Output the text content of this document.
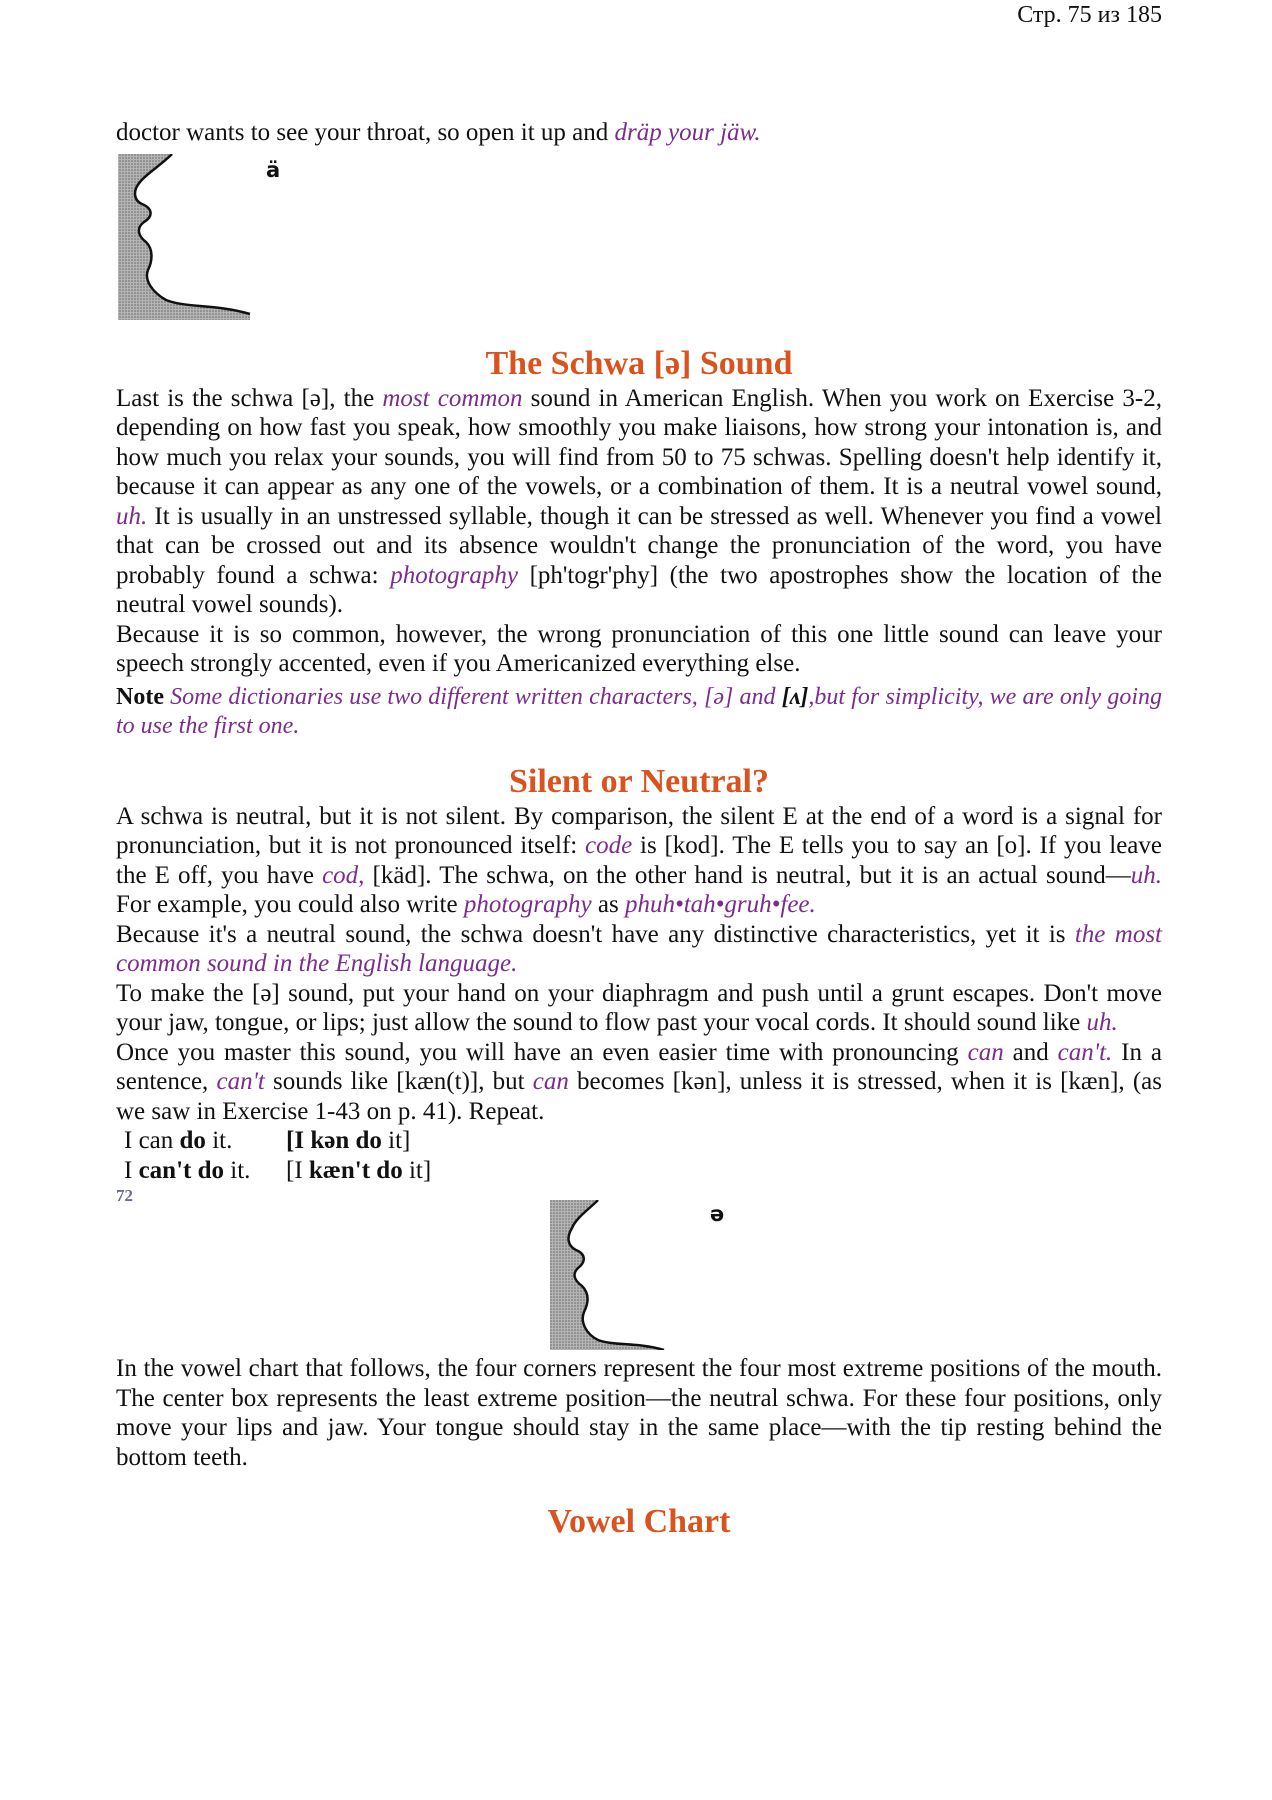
Стр. 75 из 185

doctor wants to see your throat, so open it up and dräp your jäw.

ä
The Schwa [ə] Sound

Last is the schwa [ə], the most common sound in American English. When you work on Exercise 3-2, depending on how fast you speak, how smoothly you make liaisons, how strong your intonation is, and how much you relax your sounds, you will find from 50 to 75 schwas. Spelling doesn't help identify it, because it can appear as any one of the vowels, or a combination of them. It is a neutral vowel sound, uh. It is usually in an unstressed syllable, though it can be stressed as well. Whenever you find a vowel that can be crossed out and its absence wouldn't change the pronunciation of the word, you have probably found a schwa: photography [ph'togr'phy] (the two apostrophes show the location of the neutral vowel sounds).

Because it is so common, however, the wrong pronunciation of this one little sound can leave your speech strongly accented, even if you Americanized everything else.

Note Some dictionaries use two different written characters, [ə] and [ʌ],but for simplicity, we are only going to use the first one.

Silent or Neutral?

A schwa is neutral, but it is not silent. By comparison, the silent E at the end of a word is a signal for pronunciation, but it is not pronounced itself: code is [kod]. The E tells you to say an [o]. If you leave the E off, you have cod, [käd]. The schwa, on the other hand is neutral, but it is an actual sound—uh. For example, you could also write photography as phuh•tah•gruh•fee.

Because it's a neutral sound, the schwa doesn't have any distinctive characteristics, yet it is the most common sound in the English language.

To make the [ə] sound, put your hand on your diaphragm and push until a grunt escapes. Don't move your jaw, tongue, or lips; just allow the sound to flow past your vocal cords. It should sound like uh.

Once you master this sound, you will have an even easier time with pronouncing can and can't. In a sentence, can't sounds like [kæn(t)], but can becomes [kən], unless it is stressed, when it is [kæn], (as we saw in Exercise 1-43 on p. 41). Repeat.

I can do it.	[I kən do it]
I can't do it.	[I kæn't do it]
72
ə

In the vowel chart that follows, the four corners represent the four most extreme positions of the mouth. The center box represents the least extreme position—the neutral schwa. For these four positions, only move your lips and jaw. Your tongue should stay in the same place—with the tip resting behind the bottom teeth.

Vowel Chart
